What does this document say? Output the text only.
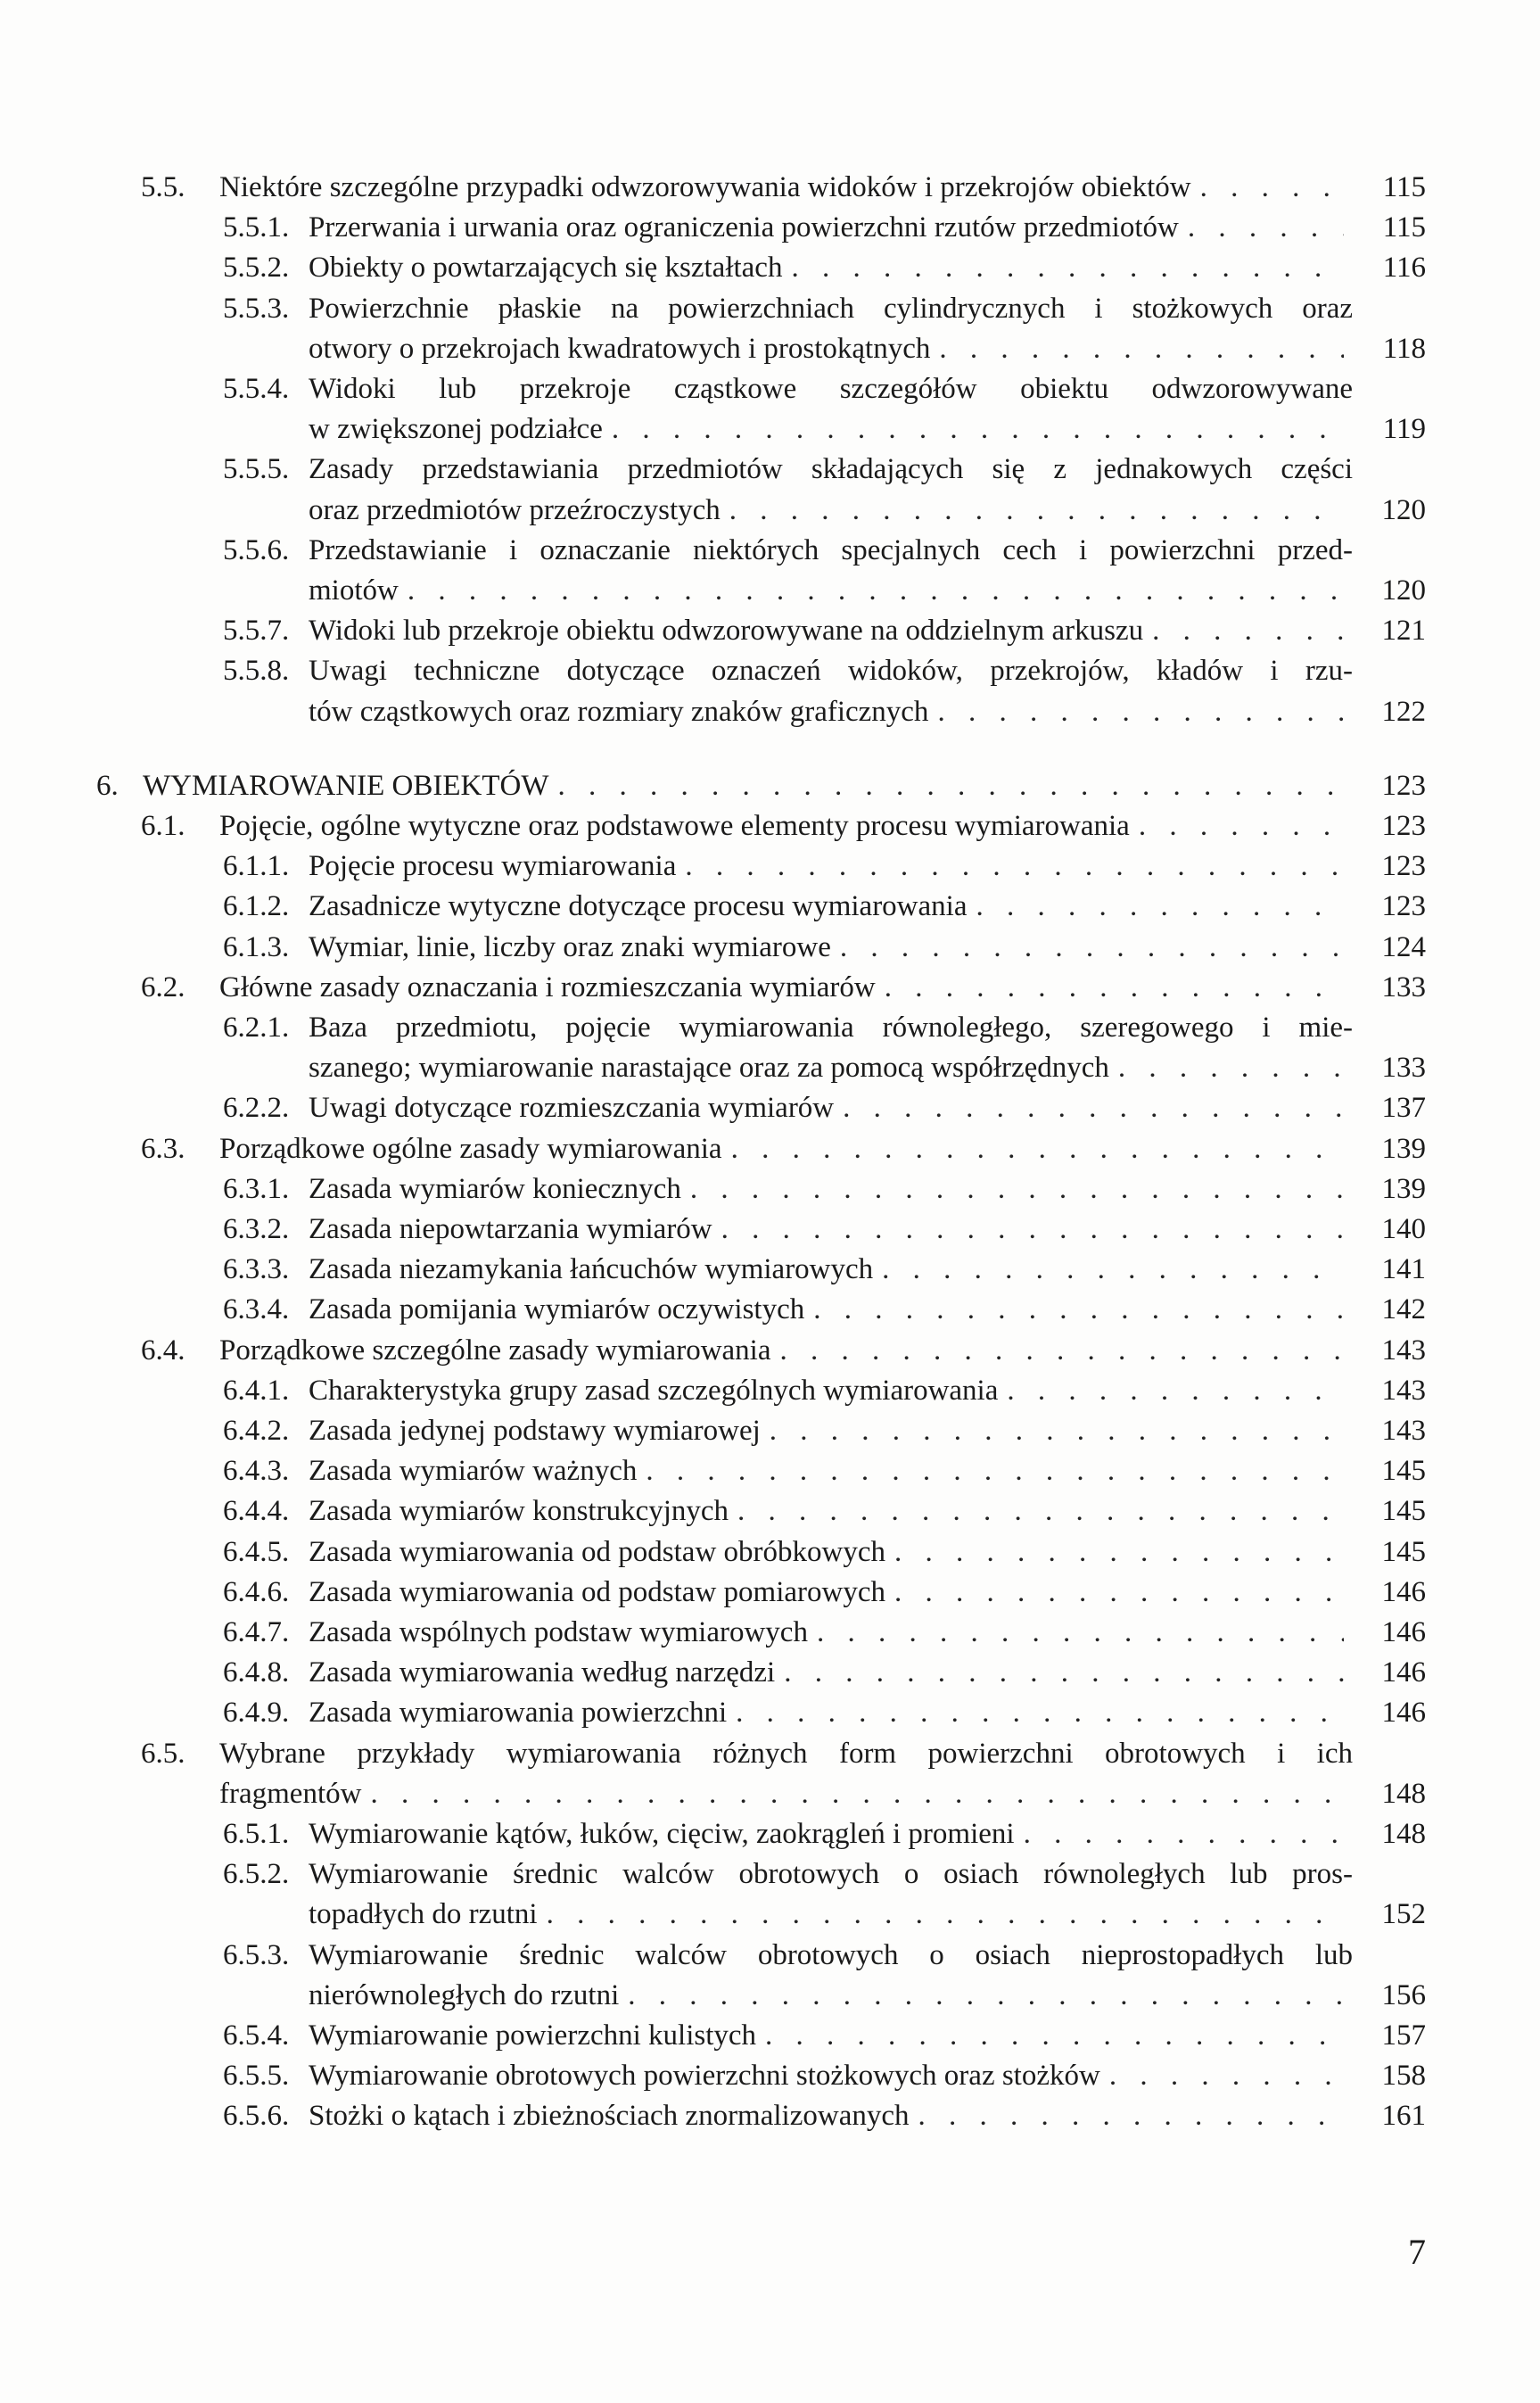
5.5. Niektóre szczególne przypadki odwzorowywania widoków i przekrojów obiektów . . .	115
5.5.1. Przerwania i urwania oraz ograniczenia powierzchni rzutów przedmiotów . . .	115
5.5.2. Obiekty o powtarzających się kształtach . . .	116
5.5.3. Powierzchnie płaskie na powierzchniach cylindrycznych i stożkowych oraz
otwory o przekrojach kwadratowych i prostokątnych . . .	118
5.5.4. Widoki lub przekroje cząstkowe szczegółów obiektu odwzorowywane
w zwiększonej podziałce . . .	119
5.5.5. Zasady przedstawiania przedmiotów składających się z jednakowych części
oraz przedmiotów przeźroczystych . . .	120
5.5.6. Przedstawianie i oznaczanie niektórych specjalnych cech i powierzchni przed-
miotów . . .	120
5.5.7. Widoki lub przekroje obiektu odwzorowywane na oddzielnym arkuszu . . .	121
5.5.8. Uwagi techniczne dotyczące oznaczeń widoków, przekrojów, kładów i rzu-
tów cząstkowych oraz rozmiary znaków graficznych . . .	122
6. WYMIAROWANIE OBIEKTÓW . . .	123
6.1. Pojęcie, ogólne wytyczne oraz podstawowe elementy procesu wymiarowania . . .	123
6.1.1. Pojęcie procesu wymiarowania . . .	123
6.1.2. Zasadnicze wytyczne dotyczące procesu wymiarowania . . .	123
6.1.3. Wymiar, linie, liczby oraz znaki wymiarowe . . .	124
6.2. Główne zasady oznaczania i rozmieszczania wymiarów . . .	133
6.2.1. Baza przedmiotu, pojęcie wymiarowania równoległego, szeregowego i mie-
szanego; wymiarowanie narastające oraz za pomocą współrzędnych . . .	133
6.2.2. Uwagi dotyczące rozmieszczania wymiarów . . .	137
6.3. Porządkowe ogólne zasady wymiarowania . . .	139
6.3.1. Zasada wymiarów koniecznych . . .	139
6.3.2. Zasada niepowtarzania wymiarów . . .	140
6.3.3. Zasada niezamykania łańcuchów wymiarowych . . .	141
6.3.4. Zasada pomijania wymiarów oczywistych . . .	142
6.4. Porządkowe szczególne zasady wymiarowania . . .	143
6.4.1. Charakterystyka grupy zasad szczególnych wymiarowania . . .	143
6.4.2. Zasada jedynej podstawy wymiarowej . . .	143
6.4.3. Zasada wymiarów ważnych . . .	145
6.4.4. Zasada wymiarów konstrukcyjnych . . .	145
6.4.5. Zasada wymiarowania od podstaw obróbkowych . . .	145
6.4.6. Zasada wymiarowania od podstaw pomiarowych . . .	146
6.4.7. Zasada wspólnych podstaw wymiarowych . . .	146
6.4.8. Zasada wymiarowania według narzędzi . . .	146
6.4.9. Zasada wymiarowania powierzchni . . .	146
6.5. Wybrane przykłady wymiarowania różnych form powierzchni obrotowych i ich
fragmentów . . .	148
6.5.1. Wymiarowanie kątów, łuków, cięciw, zaokrągleń i promieni . . .	148
6.5.2. Wymiarowanie średnic walców obrotowych o osiach równoległych lub pros-
topadłych do rzutni . . .	152
6.5.3. Wymiarowanie średnic walców obrotowych o osiach nieprostopadłych lub
nierównoległych do rzutni . . .	156
6.5.4. Wymiarowanie powierzchni kulistych . . .	157
6.5.5. Wymiarowanie obrotowych powierzchni stożkowych oraz stożków . . .	158
6.5.6. Stożki o kątach i zbieżnościach znormalizowanych . . .	161
7
